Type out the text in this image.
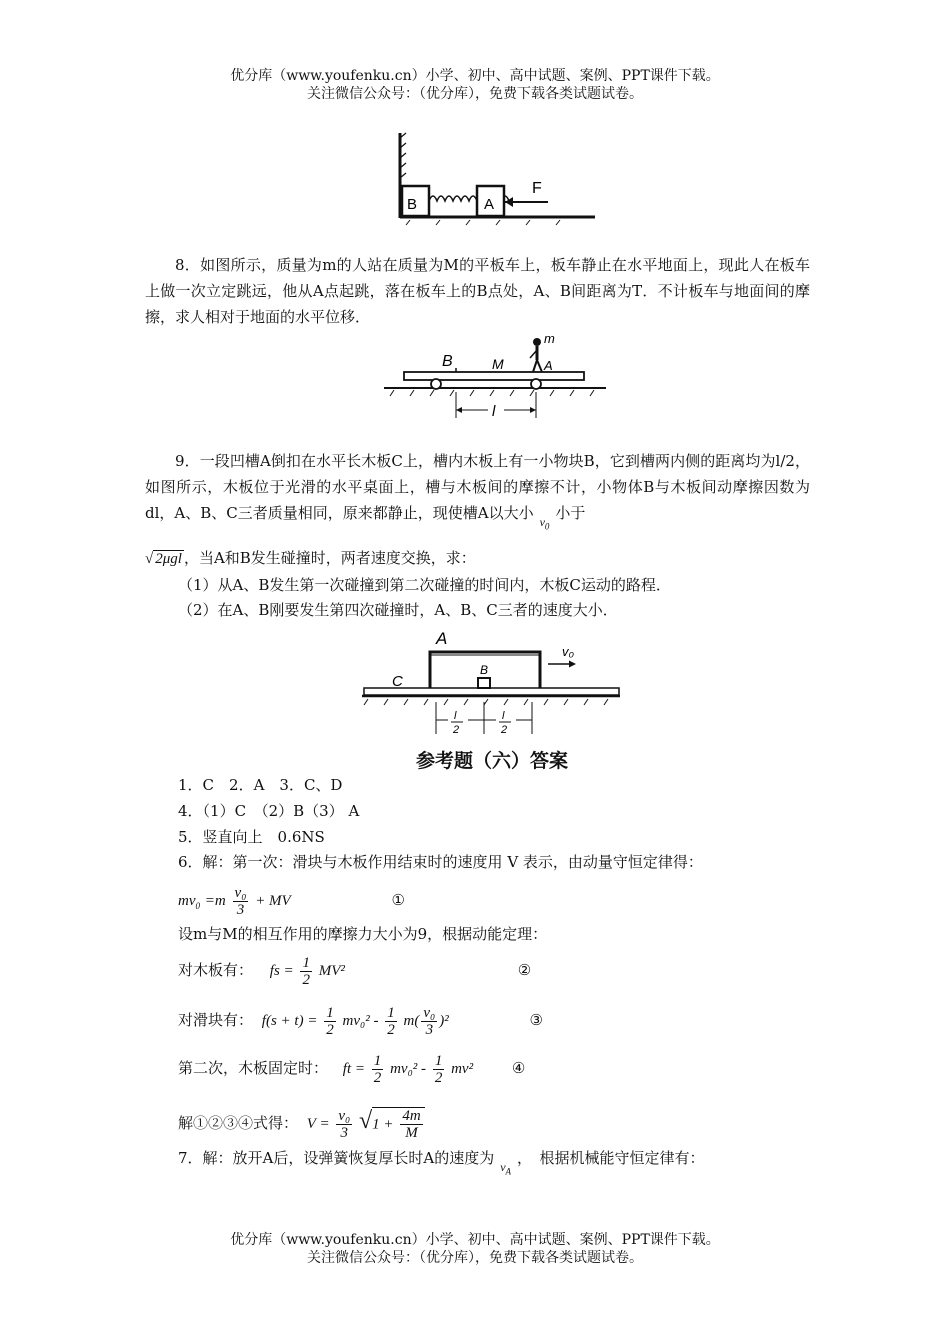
优分库（www.youfenku.cn）小学、初中、高中试题、案例、PPT课件下载。
关注微信公众号：（优分库），免费下载各类试题试卷。
B	A
F
8．如图所示，质量为m的人站在质量为M的平板车上，板车静止在水平地面上，现此人在板车上做一次立定跳远，他从A点起跳，落在板车上的B点处，A、B间距离为T．不计板车与地面间的摩擦，求人相对于地面的水平位移．
B	M
m
A
l
9．一段凹槽A倒扣在水平长木板C上，槽内木板上有一小物块B，它到槽两内侧的距离均为l/2，如图所示，木板位于光滑的水平桌面上，槽与木板间的摩擦不计，小物体B与木板间动摩擦因数为dl，A、B、C三者质量相同，原来都静止，现使槽A以大小 $_{v_0}$小于
√ 2μgl ，当A和B发生碰撞时，两者速度交换，求：
（1）从A、B发生第一次碰撞到第二次碰撞的时间内，木板C运动的路程．
（2）在A、B刚要发生第四次碰撞时，A、B、C三者的速度大小．
C
A
B
v₀
l
2
l
2
参考题（六）答案
1．C　2．A　3．C、D
4．（1）C　（2）B（3） A
5．竖直向上　0.6NS
6．解：第一次：滑块与木板作用结束时的速度用 V 表示，由动量守恒定律得：
$mv_0 =m \frac{\text{v₀}}{3}$ + MV	①
设m与M的相互作用的摩擦力大小为9，根据动能定理：
对木板有： fs = $\frac{1}{2} MV^2$	②
对滑块有： $f(s + t) = \frac{1}{2} mv_0^2 - \frac{1}{2} m( \frac{\text{v₀}}{3} )^2$	③
第二次，木板固定时： ft = $\frac{1}{2} mv_0^2 - \frac{1}{2} mv^2$	④
解①②③④式得： $V = \frac{\text{v₀}}{3} √1 + \frac{4m}{M}$
7．解：放开A后，设弹簧恢复厚长时A的速度为 $_{v_A}$，　根据机械能守恒定律有：
优分库（www.youfenku.cn）小学、初中、高中试题、案例、PPT课件下载。
关注微信公众号：（优分库），免费下载各类试题试卷。
